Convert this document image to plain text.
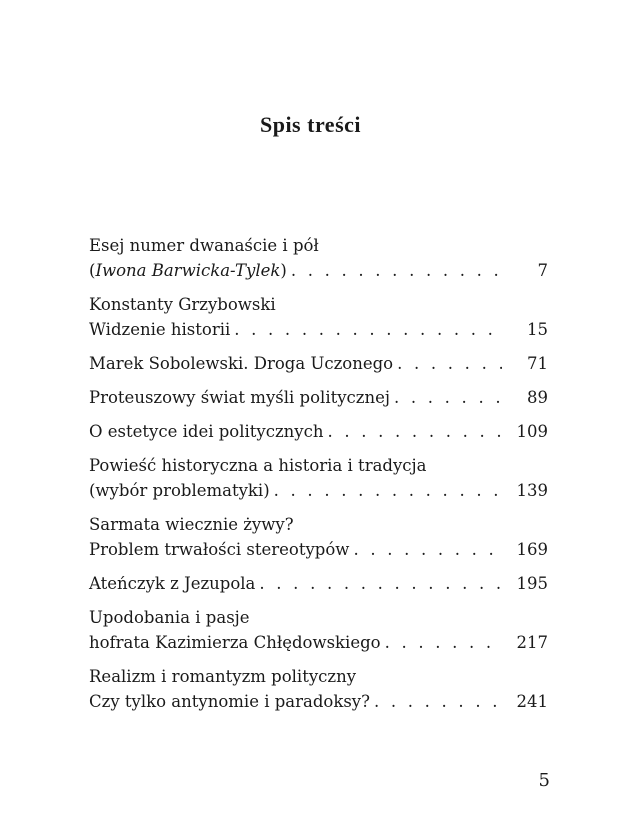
Spis treści
Esej numer dwanaście i pół
(Iwona Barwicka-Tylek) . . .	7
Konstanty Grzybowski
Widzenie historii . . .	15
Marek Sobolewski. Droga Uczonego . . .	71
Proteuszowy świat myśli politycznej . . .	89
O estetyce idei politycznych . . .	109
Powieść historyczna a historia i tradycja
(wybór problematyki) . . .	139
Sarmata wiecznie żywy?
Problem trwałości stereotypów . . .	169
Ateńczyk z Jezupola . . .	195
Upodobania i pasje
hofrata Kazimierza Chłędowskiego . . .	217
Realizm i romantyzm polityczny
Czy tylko antynomie i paradoksy? . . .	241
5
